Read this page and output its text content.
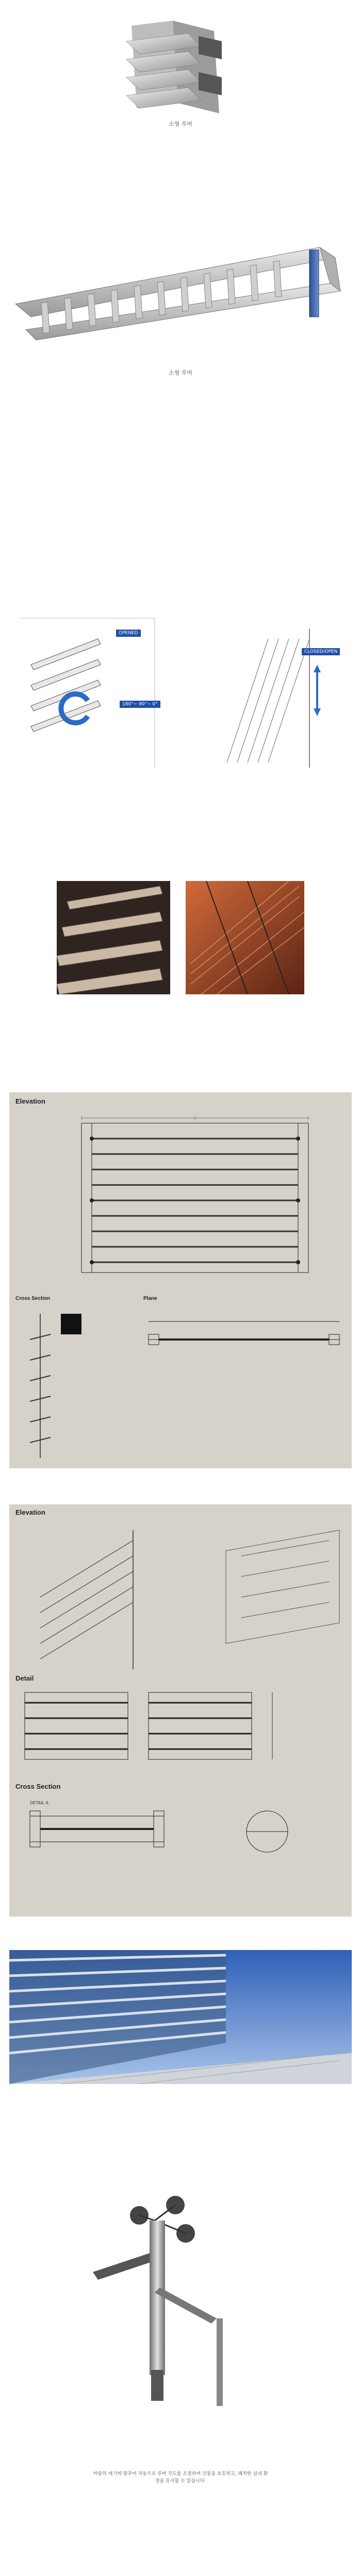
소형 루버
소형 루버
OPENED
180°~ 90°~ 0°
CLOSED/OPEN
Elevation
Cross Section	Plane
Elevation
Detail
Cross Section
DETAIL A
바람의 세기에 맞추어 자동으로 루버 각도를 조절하여 건물을 보호하고, 쾌적한 실내 환경을 유지할 수 있습니다.
